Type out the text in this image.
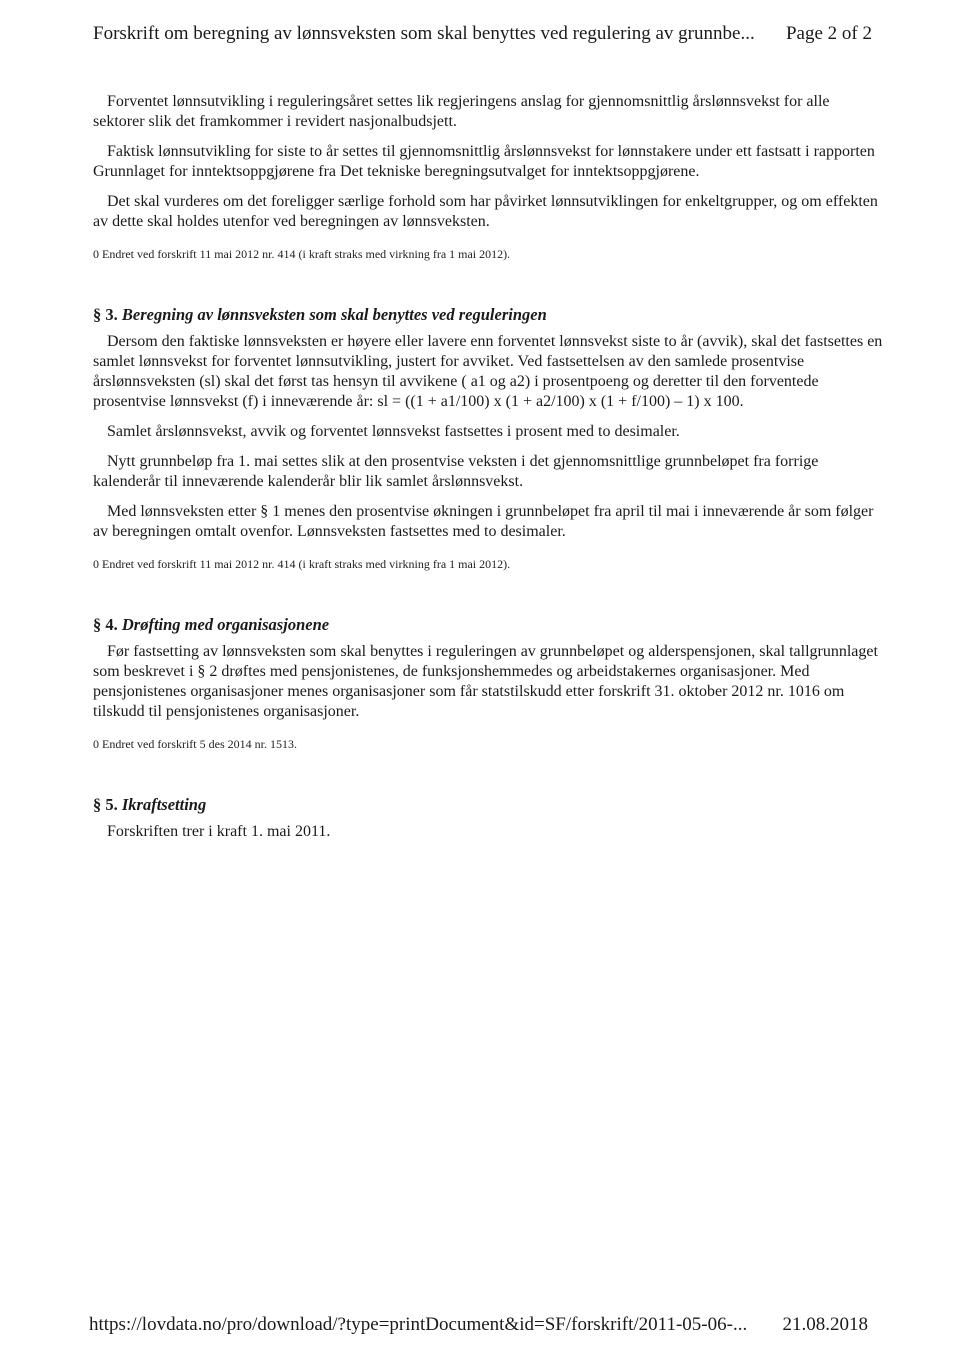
Forskrift om beregning av lønnsveksten som skal benyttes ved regulering av grunnbe... Page 2 of 2

Forventet lønnsutvikling i reguleringsåret settes lik regjeringens anslag for gjennomsnittlig årslønnsvekst for alle sektorer slik det framkommer i revidert nasjonalbudsjett.

Faktisk lønnsutvikling for siste to år settes til gjennomsnittlig årslønnsvekst for lønnstakere under ett fastsatt i rapporten Grunnlaget for inntektsoppgjørene fra Det tekniske beregningsutvalget for inntektsoppgjørene.

Det skal vurderes om det foreligger særlige forhold som har påvirket lønnsutviklingen for enkeltgrupper, og om effekten av dette skal holdes utenfor ved beregningen av lønnsveksten.

0 Endret ved forskrift 11 mai 2012 nr. 414 (i kraft straks med virkning fra 1 mai 2012).

§ 3. Beregning av lønnsveksten som skal benyttes ved reguleringen

Dersom den faktiske lønnsveksten er høyere eller lavere enn forventet lønnsvekst siste to år (avvik), skal det fastsettes en samlet lønnsvekst for forventet lønnsutvikling, justert for avviket. Ved fastsettelsen av den samlede prosentvise årslønnsveksten (sl) skal det først tas hensyn til avvikene ( a1 og a2) i prosentpoeng og deretter til den forventede prosentvise lønnsvekst (f) i inneværende år: sl = ((1 + a1/100) x (1 + a2/100) x (1 + f/100) – 1) x 100.

Samlet årslønnsvekst, avvik og forventet lønnsvekst fastsettes i prosent med to desimaler.

Nytt grunnbeløp fra 1. mai settes slik at den prosentvise veksten i det gjennomsnittlige grunnbeløpet fra forrige kalenderår til inneværende kalenderår blir lik samlet årslønnsvekst.

Med lønnsveksten etter § 1 menes den prosentvise økningen i grunnbeløpet fra april til mai i inneværende år som følger av beregningen omtalt ovenfor. Lønnsveksten fastsettes med to desimaler.

0 Endret ved forskrift 11 mai 2012 nr. 414 (i kraft straks med virkning fra 1 mai 2012).

§ 4. Drøfting med organisasjonene

Før fastsetting av lønnsveksten som skal benyttes i reguleringen av grunnbeløpet og alderspensjonen, skal tallgrunnlaget som beskrevet i § 2 drøftes med pensjonistenes, de funksjonshemmedes og arbeidstakernes organisasjoner. Med pensjonistenes organisasjoner menes organisasjoner som får statstilskudd etter forskrift 31. oktober 2012 nr. 1016 om tilskudd til pensjonistenes organisasjoner.

0 Endret ved forskrift 5 des 2014 nr. 1513.

§ 5. Ikraftsetting

Forskriften trer i kraft 1. mai 2011.

https://lovdata.no/pro/download/?type=printDocument&id=SF/forskrift/2011-05-06-... 21.08.2018
